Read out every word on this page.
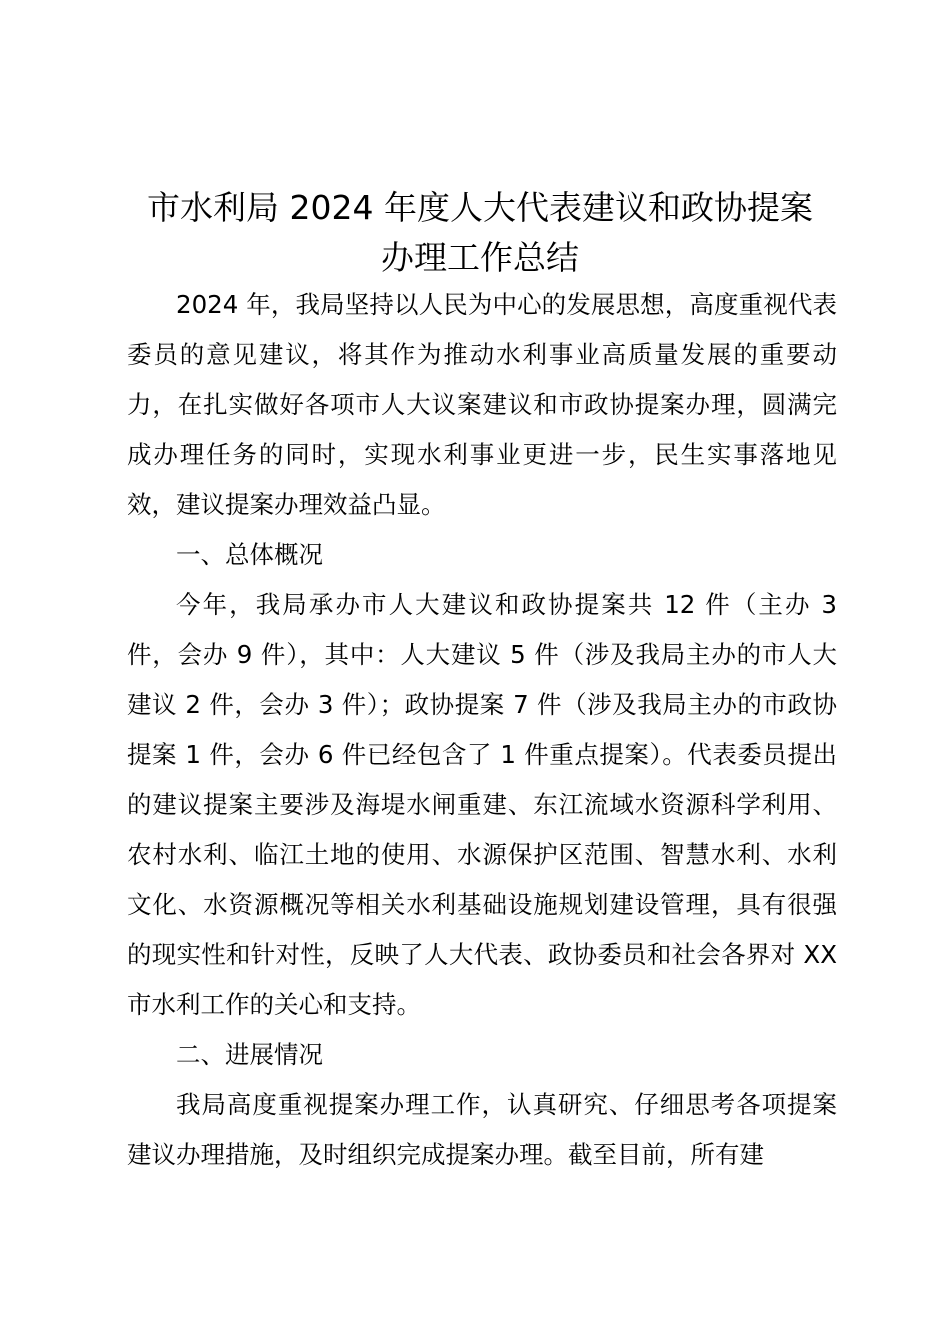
市水利局 2024 年度人大代表建议和政协提案
办理工作总结

2024 年，我局坚持以人民为中心的发展思想，高度重视代表委员的意见建议，将其作为推动水利事业高质量发展的重要动力，在扎实做好各项市人大议案建议和市政协提案办理，圆满完成办理任务的同时，实现水利事业更进一步，民生实事落地见效，建议提案办理效益凸显。

一、总体概况

今年，我局承办市人大建议和政协提案共 12 件（主办 3 件，会办 9 件），其中：人大建议 5 件（涉及我局主办的市人大建议 2 件，会办 3 件）；政协提案 7 件（涉及我局主办的市政协提案 1 件，会办 6 件已经包含了 1 件重点提案）。代表委员提出的建议提案主要涉及海堤水闸重建、东江流域水资源科学利用、农村水利、临江土地的使用、水源保护区范围、智慧水利、水利文化、水资源概况等相关水利基础设施规划建设管理，具有很强的现实性和针对性，反映了人大代表、政协委员和社会各界对 XX 市水利工作的关心和支持。

二、进展情况

我局高度重视提案办理工作，认真研究、仔细思考各项提案建议办理措施，及时组织完成提案办理。截至目前，所有建
